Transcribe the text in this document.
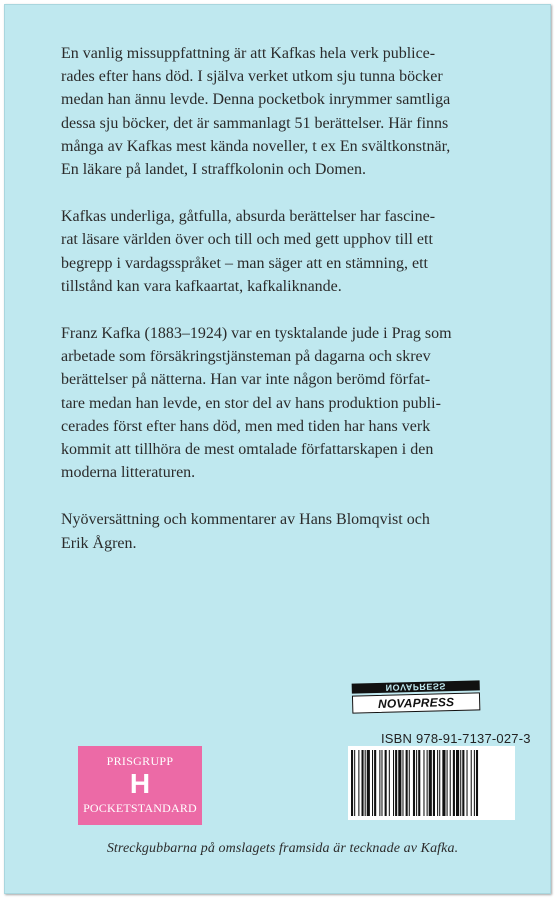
En vanlig missuppfattning är att Kafkas hela verk publice-
rades efter hans död. I själva verket utkom sju tunna böcker
medan han ännu levde. Denna pocketbok inrymmer samtliga
dessa sju böcker, det är sammanlagt 51 berättelser. Här finns
många av Kafkas mest kända noveller, t ex En svältkonstnär,
En läkare på landet, I straffkolonin och Domen.

Kafkas underliga, gåtfulla, absurda berättelser har fascine-
rat läsare världen över och till och med gett upphov till ett
begrepp i vardagsspråket – man säger att en stämning, ett
tillstånd kan vara kafkaartat, kafkaliknande.

Franz Kafka (1883–1924) var en tysktalande jude i Prag som
arbetade som försäkringstjänsteman på dagarna och skrev
berättelser på nätterna. Han var inte någon berömd förfat-
tare medan han levde, en stor del av hans produktion publi-
cerades först efter hans död, men med tiden har hans verk
kommit att tillhöra de mest omtalade författarskapen i den
moderna litteraturen.

Nyöversättning och kommentarer av Hans Blomqvist och
Erik Ågren.

NOVAPRESS
NOVAPRESS
ISBN 978-91-7137-027-3
PRISGRUPP
H
POCKETSTANDARD
Streckgubbarna på omslagets framsida är tecknade av Kafka.
